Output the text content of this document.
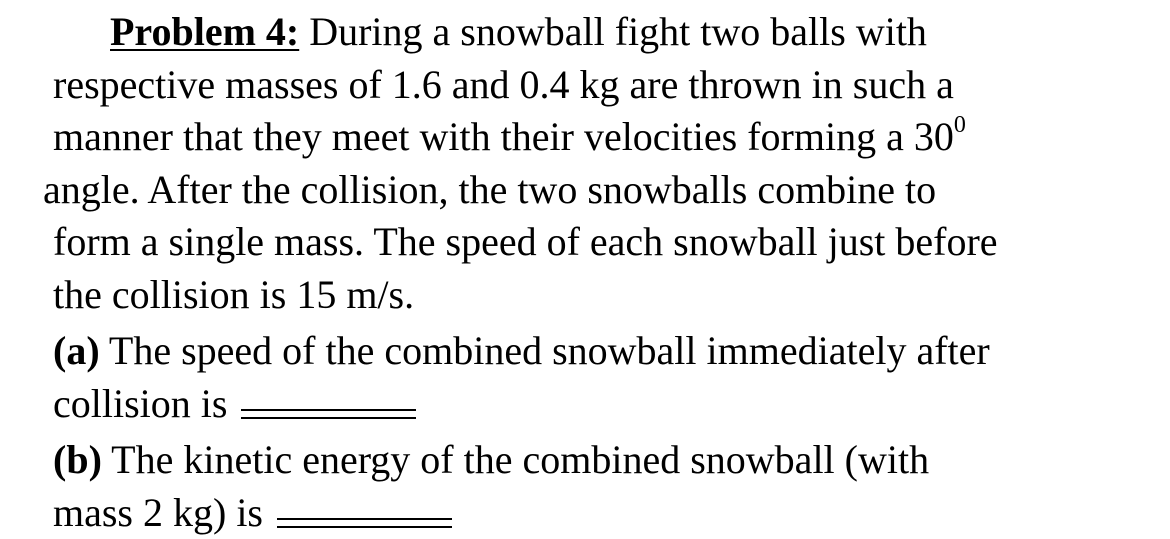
Problem 4: During a snowball fight two balls with
respective masses of 1.6 and 0.4 kg are thrown in such a
manner that they meet with their velocities forming a $30^0$
angle. After the collision, the two snowballs combine to
form a single mass. The speed of each snowball just before
the collision is 15 m/s.
(a) The speed of the combined snowball immediately after
collision is
(b) The kinetic energy of the combined snowball (with
mass 2 kg) is
